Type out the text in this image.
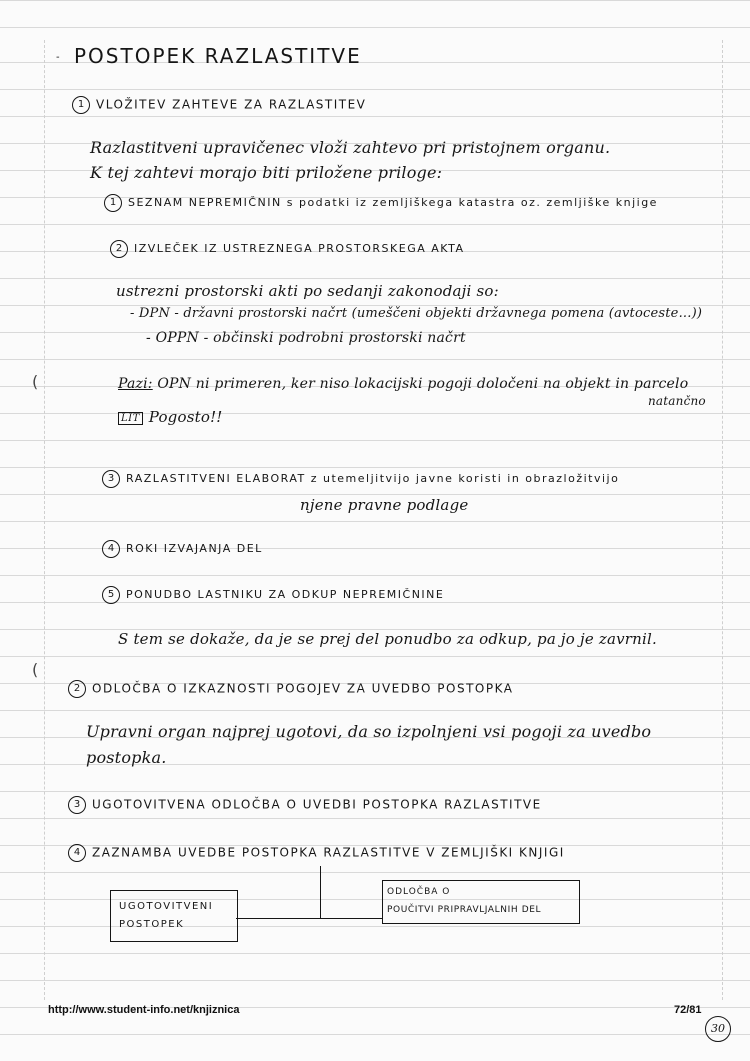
- POSTOPEK RAZLASTITVE
1 VLOŽITEV ZAHTEVE ZA RAZLASTITEV
Razlastitveni upravičenec vloži zahtevo pri pristojnem organu.
K tej zahtevi morajo biti priložene priloge:
1 SEZNAM NEPREMIČNIN s podatki iz zemljiškega katastra oz. zemljiške knjige
2 IZVLEČEK IZ USTREZNEGA PROSTORSKEGA AKTA
ustrezni prostorski akti po sedanji zakonodaji so:
- DPN - državni prostorski načrt (umeščeni objekti državnega pomena (avtoceste...))
- OPPN - občinski podrobni prostorski načrt
(	Pazi: OPN ni primeren, ker niso lokacijski pogoji določeni na objekt in parcelo
natančno
LIT Pogosto!!
3 RAZLASTITVENI ELABORAT z utemeljitvijo javne koristi in obrazložitvijo
njene pravne podlage
4 ROKI IZVAJANJA DEL
5 PONUDBO LASTNIKU ZA ODKUP NEPREMIČNINE
S tem se dokaže, da je se prej del ponudbo za odkup, pa jo je zavrnil.
(
2 ODLOČBA O IZKAZNOSTI POGOJEV ZA UVEDBO POSTOPKA
Upravni organ najprej ugotovi, da so izpolnjeni vsi pogoji za uvedbo
postopka.
3 UGOTOVITVENA ODLOČBA O UVEDBI POSTOPKA RAZLASTITVE
4 ZAZNAMBA UVEDBE POSTOPKA RAZLASTITVE V ZEMLJIŠKI KNJIGI
UGOTOVITVENI
POSTOPEK
ODLOČBA O
POUČITVI PRIPRAVLJALNIH DEL
http://www.student-info.net/knjiznica	72/81
30
